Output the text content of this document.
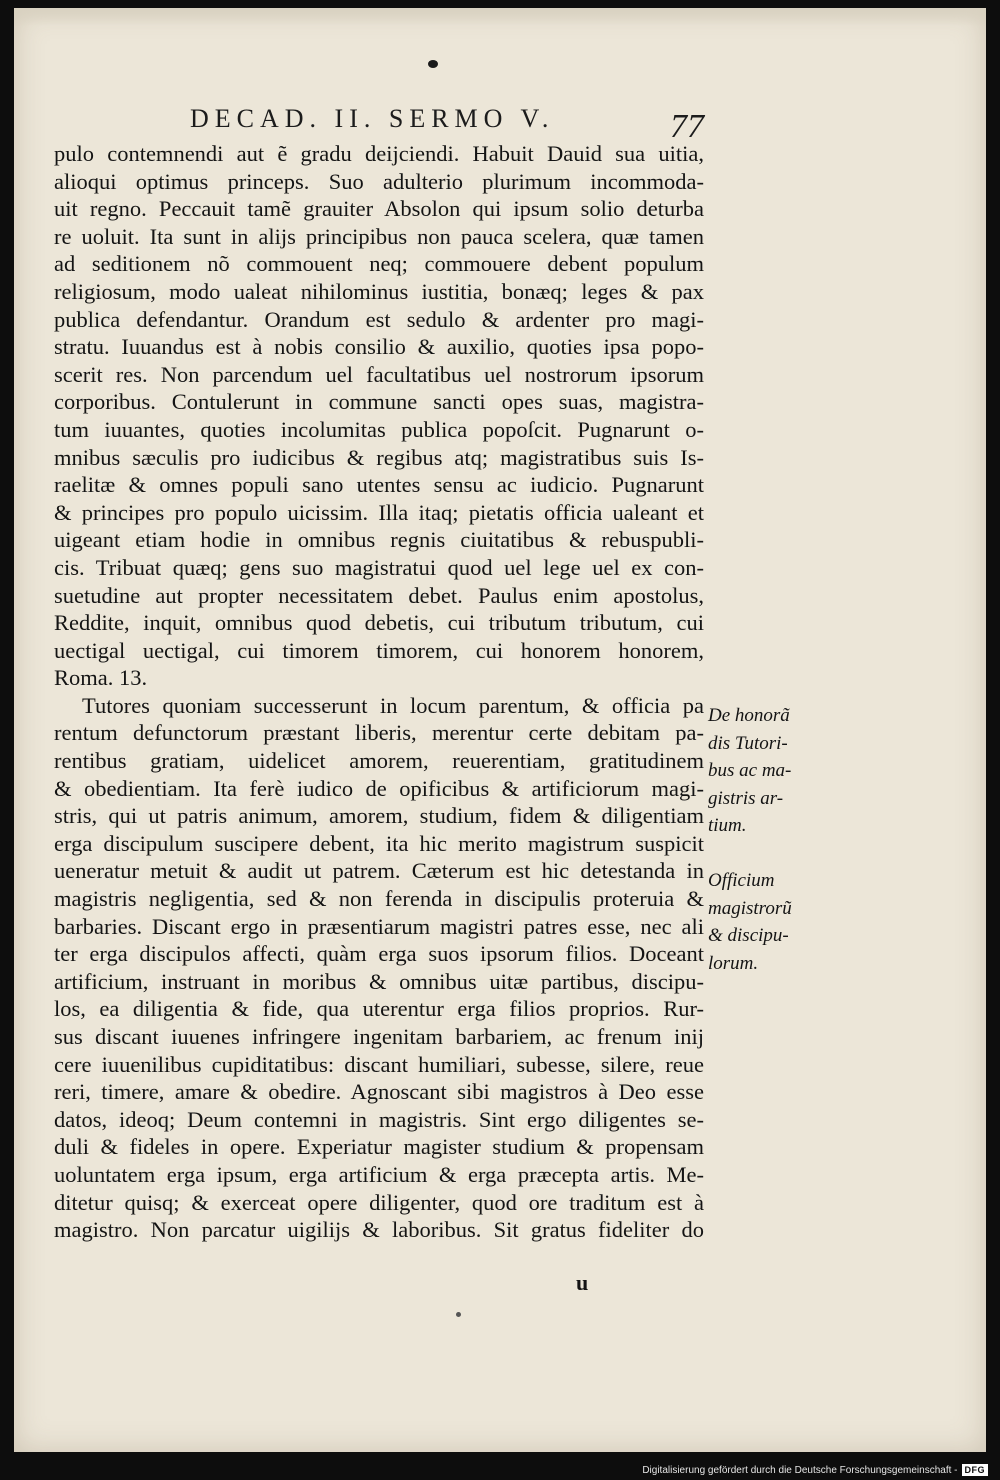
DECAD. II. SERMO V.	77
pulo contemnendi aut ẽ gradu deijciendi. Habuit Dauid sua uitia,
alioqui optimus princeps. Suo adulterio plurimum incommoda-
uit regno. Peccauit tamẽ grauiter Absolon qui ipsum solio deturba
re uoluit. Ita sunt in alijs principibus non pauca scelera, quæ tamen
ad seditionem nõ commouent neq; commouere debent populum
religiosum, modo ualeat nihilominus iustitia, bonæq; leges & pax
publica defendantur. Orandum est sedulo & ardenter pro magi-
stratu. Iuuandus est à nobis consilio & auxilio, quoties ipsa popo-
scerit res. Non parcendum uel facultatibus uel nostrorum ipsorum
corporibus. Contulerunt in commune sancti opes suas, magistra-
tum iuuantes, quoties incolumitas publica popoſcit. Pugnarunt o-
mnibus sæculis pro iudicibus & regibus atq; magistratibus suis Is-
raelitæ & omnes populi sano utentes sensu ac iudicio. Pugnarunt
& principes pro populo uicissim. Illa itaq; pietatis officia ualeant et
uigeant etiam hodie in omnibus regnis ciuitatibus & rebuspubli-
cis. Tribuat quæq; gens suo magistratui quod uel lege uel ex con-
suetudine aut propter necessitatem debet. Paulus enim apostolus,
Reddite, inquit, omnibus quod debetis, cui tributum tributum, cui
uectigal uectigal, cui timorem timorem, cui honorem honorem,
Roma. 13.
Tutores quoniam successerunt in locum parentum, & officia pa
rentum defunctorum præstant liberis, merentur certe debitam pa-
rentibus gratiam, uidelicet amorem, reuerentiam, gratitudinem
& obedientiam. Ita ferè iudico de opificibus & artificiorum magi-
stris, qui ut patris animum, amorem, studium, fidem & diligentiam
erga discipulum suscipere debent, ita hic merito magistrum suspicit
ueneratur metuit & audit ut patrem. Cæterum est hic detestanda in
magistris negligentia, sed & non ferenda in discipulis proteruia &
barbaries. Discant ergo in præsentiarum magistri patres esse, nec ali
ter erga discipulos affecti, quàm erga suos ipsorum filios. Doceant
artificium, instruant in moribus & omnibus uitæ partibus, discipu-
los, ea diligentia & fide, qua uterentur erga filios proprios. Rur-
sus discant iuuenes infringere ingenitam barbariem, ac frenum inij
cere iuuenilibus cupiditatibus: discant humiliari, subesse, silere, reue
reri, timere, amare & obedire. Agnoscant sibi magistros à Deo esse
datos, ideoq; Deum contemni in magistris. Sint ergo diligentes se-
duli & fideles in opere. Experiatur magister studium & propensam
uoluntatem erga ipsum, erga artificium & erga præcepta artis. Me-
ditetur quisq; & exerceat opere diligenter, quod ore traditum est à
magistro. Non parcatur uigilijs & laboribus. Sit gratus fideliter do
De honorã
dis Tutori-
bus ac ma-
gistris ar-
tium.
Officium
magistrorũ
& discipu-
lorum.
u
Digitalisierung gefördert durch die Deutsche Forschungsgemeinschaft - DFG
